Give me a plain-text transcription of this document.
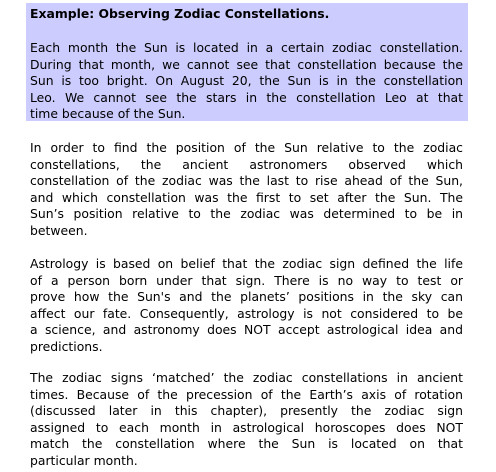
Example: Observing Zodiac Constellations.
Each month the Sun is located in a certain zodiac constellation.
During that month, we cannot see that constellation because the
Sun is too bright. On August 20, the Sun is in the constellation
Leo. We cannot see the stars in the constellation Leo at that
time because of the Sun.
In order to find the position of the Sun relative to the zodiac
constellations, the ancient astronomers observed which
constellation of the zodiac was the last to rise ahead of the Sun,
and which constellation was the first to set after the Sun. The
Sun’s position relative to the zodiac was determined to be in
between.
Astrology is based on belief that the zodiac sign defined the life
of a person born under that sign. There is no way to test or
prove how the Sun's and the planets’ positions in the sky can
affect our fate. Consequently, astrology is not considered to be
a science, and astronomy does NOT accept astrological idea and
predictions.
The zodiac signs ‘matched’ the zodiac constellations in ancient
times. Because of the precession of the Earth’s axis of rotation
(discussed later in this chapter), presently the zodiac sign
assigned to each month in astrological horoscopes does NOT
match the constellation where the Sun is located on that
particular month.
